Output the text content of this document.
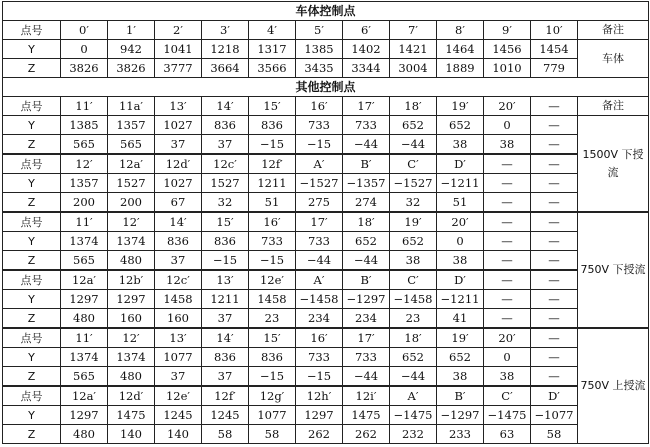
车体控制点												
点号	0′	1′	2′	3′	4′	5′	6′	7′	8′	9′	10′	备注
Y	0	942	1041	1218	1317	1385	1402	1421	1464	1456	1454	车体
Z	3826	3826	3777	3664	3566	3435	3344	3004	1889	1010	779	
其他控制点												
点号	11′	11a′	13′	14′	15′	16′	17′	18′	19′	20′	—	备注
Y	1385	1357	1027	836	836	733	733	652	652	0	—	1500V 下授流
Z	565	565	37	37	−15	−15	−44	−44	38	38	—	
点号	12′	12a′	12d′	12c′	12f′	A′	B′	C′	D′	—	—	
Y	1357	1527	1027	1527	1211	−1527	−1357	−1527	−1211	—	—	
Z	200	200	67	32	51	275	274	32	51	—	—	
点号	11′	12′	14′	15′	16′	17′	18′	19′	20′	—	—	750V 下授流
Y	1374	1374	836	836	733	733	652	652	0	—	—	
Z	565	480	37	−15	−15	−44	−44	38	38	—	—	
点号	12a′	12b′	12c′	13′	12e′	A′	B′	C′	D′	—	—	
Y	1297	1297	1458	1211	1458	−1458	−1297	−1458	−1211	—	—	
Z	480	160	160	37	23	234	234	23	41	—	—	
点号	11′	12′	13′	14′	15′	16′	17′	18′	19′	20′	—	750V 上授流
Y	1374	1374	1077	836	836	733	733	652	652	0	—	
Z	565	480	37	37	−15	−15	−44	−44	38	38	—	
点号	12a′	12d′	12e′	12f′	12g′	12h′	12i′	A′	B′	C′	D′	
Y	1297	1475	1245	1245	1077	1297	1475	−1475	−1297	−1475	−1077	
Z	480	140	140	58	58	262	262	232	233	63	58	
